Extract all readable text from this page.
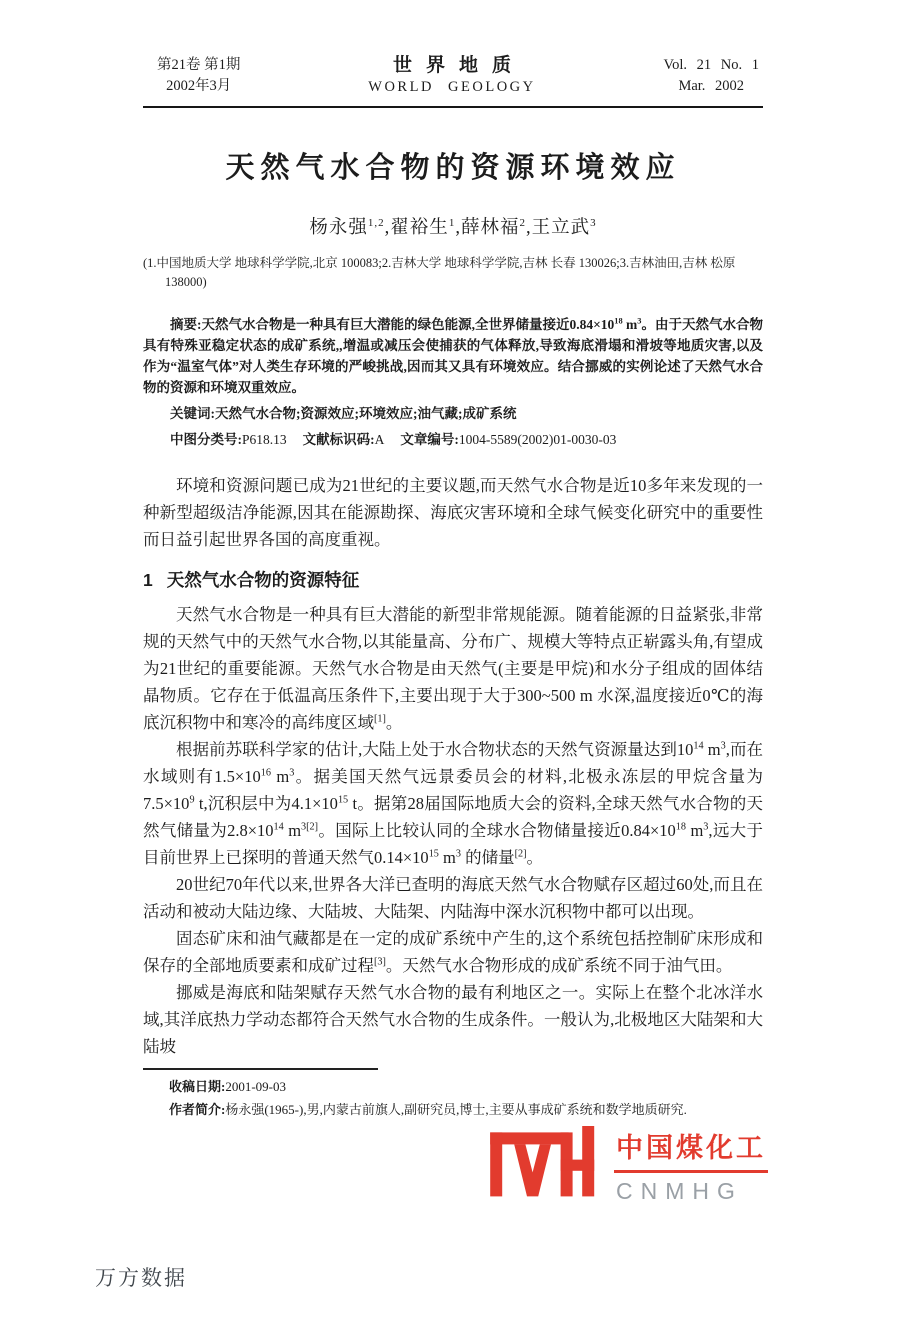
第21卷 第1期
2002年3月
世界地质
WORLD GEOLOGY
Vol. 21 No. 1
Mar. 2002
天然气水合物的资源环境效应
杨永强$^{1,2}$,翟裕生$^1$,薛林福$^2$,王立武$^3$
(1.中国地质大学 地球科学学院,北京 100083;2.吉林大学 地球科学学院,吉林 长春 130026;3.吉林油田,吉林 松原 138000)
摘要:天然气水合物是一种具有巨大潜能的绿色能源,全世界储量接近$0.84\times 10^{18}$ $m^3$。由于天然气水合物具有特殊亚稳定状态的成矿系统,,增温或减压会使捕获的气体释放,导致海底滑塌和滑坡等地质灾害,以及作为“温室气体”对人类生存环境的严峻挑战,因而其又具有环境效应。结合挪威的实例论述了天然气水合物的资源和环境双重效应。
关键词:天然气水合物;资源效应;环境效应;油气藏;成矿系统
中图分类号:P618.13 文献标识码:A 文章编号:1004-5589(2002)01-0030-03

环境和资源问题已成为21世纪的主要议题,而天然气水合物是近10多年来发现的一种新型超级洁净能源,因其在能源勘探、海底灾害环境和全球气候变化研究中的重要性而日益引起世界各国的高度重视。

1 天然气水合物的资源特征

天然气水合物是一种具有巨大潜能的新型非常规能源。随着能源的日益紧张,非常规的天然气中的天然气水合物,以其能量高、分布广、规模大等特点正崭露头角,有望成为21世纪的重要能源。天然气水合物是由天然气(主要是甲烷)和水分子组成的固体结晶物质。它存在于低温高压条件下,主要出现于大于300~500 m 水深,温度接近0℃的海底沉积物中和寒冷的高纬度区域[1]。

根据前苏联科学家的估计,大陆上处于水合物状态的天然气资源量达到$10^{14}$ $m^3$,而在水域则有$1.5\times 10^{16}$ $m^3$。据美国天然气远景委员会的材料,北极永冻层的甲烷含量为$7.5\times 10^9$ t,沉积层中为$4.1\times 10^{15}$ t。据第28届国际地质大会的资料,全球天然气水合物的天然气储量为$2.8\times 10^{14}$ $m^{3[2]}$。国际上比较认同的全球水合物储量接近$0.84\times 10^{18}$ $m^3$,远大于目前世界上已探明的普通天然气$0.14\times 10^{15}$ $m^3$ 的储量[2]。

20世纪70年代以来,世界各大洋已查明的海底天然气水合物赋存区超过60处,而且在活动和被动大陆边缘、大陆坡、大陆架、内陆海中深水沉积物中都可以出现。

固态矿床和油气藏都是在一定的成矿系统中产生的,这个系统包括控制矿床形成和保存的全部地质要素和成矿过程[3]。天然气水合物形成的成矿系统不同于油气田。

挪威是海底和陆架赋存天然气水合物的最有利地区之一。实际上在整个北冰洋水域,其洋底热力学动态都符合天然气水合物的生成条件。一般认为,北极地区大陆架和大陆坡

收稿日期:2001-09-03
作者简介:杨永强(1965-),男,内蒙古前旗人,副研究员,博士,主要从事成矿系统和数学地质研究.
中国煤化工
CNMHG
万方数据
